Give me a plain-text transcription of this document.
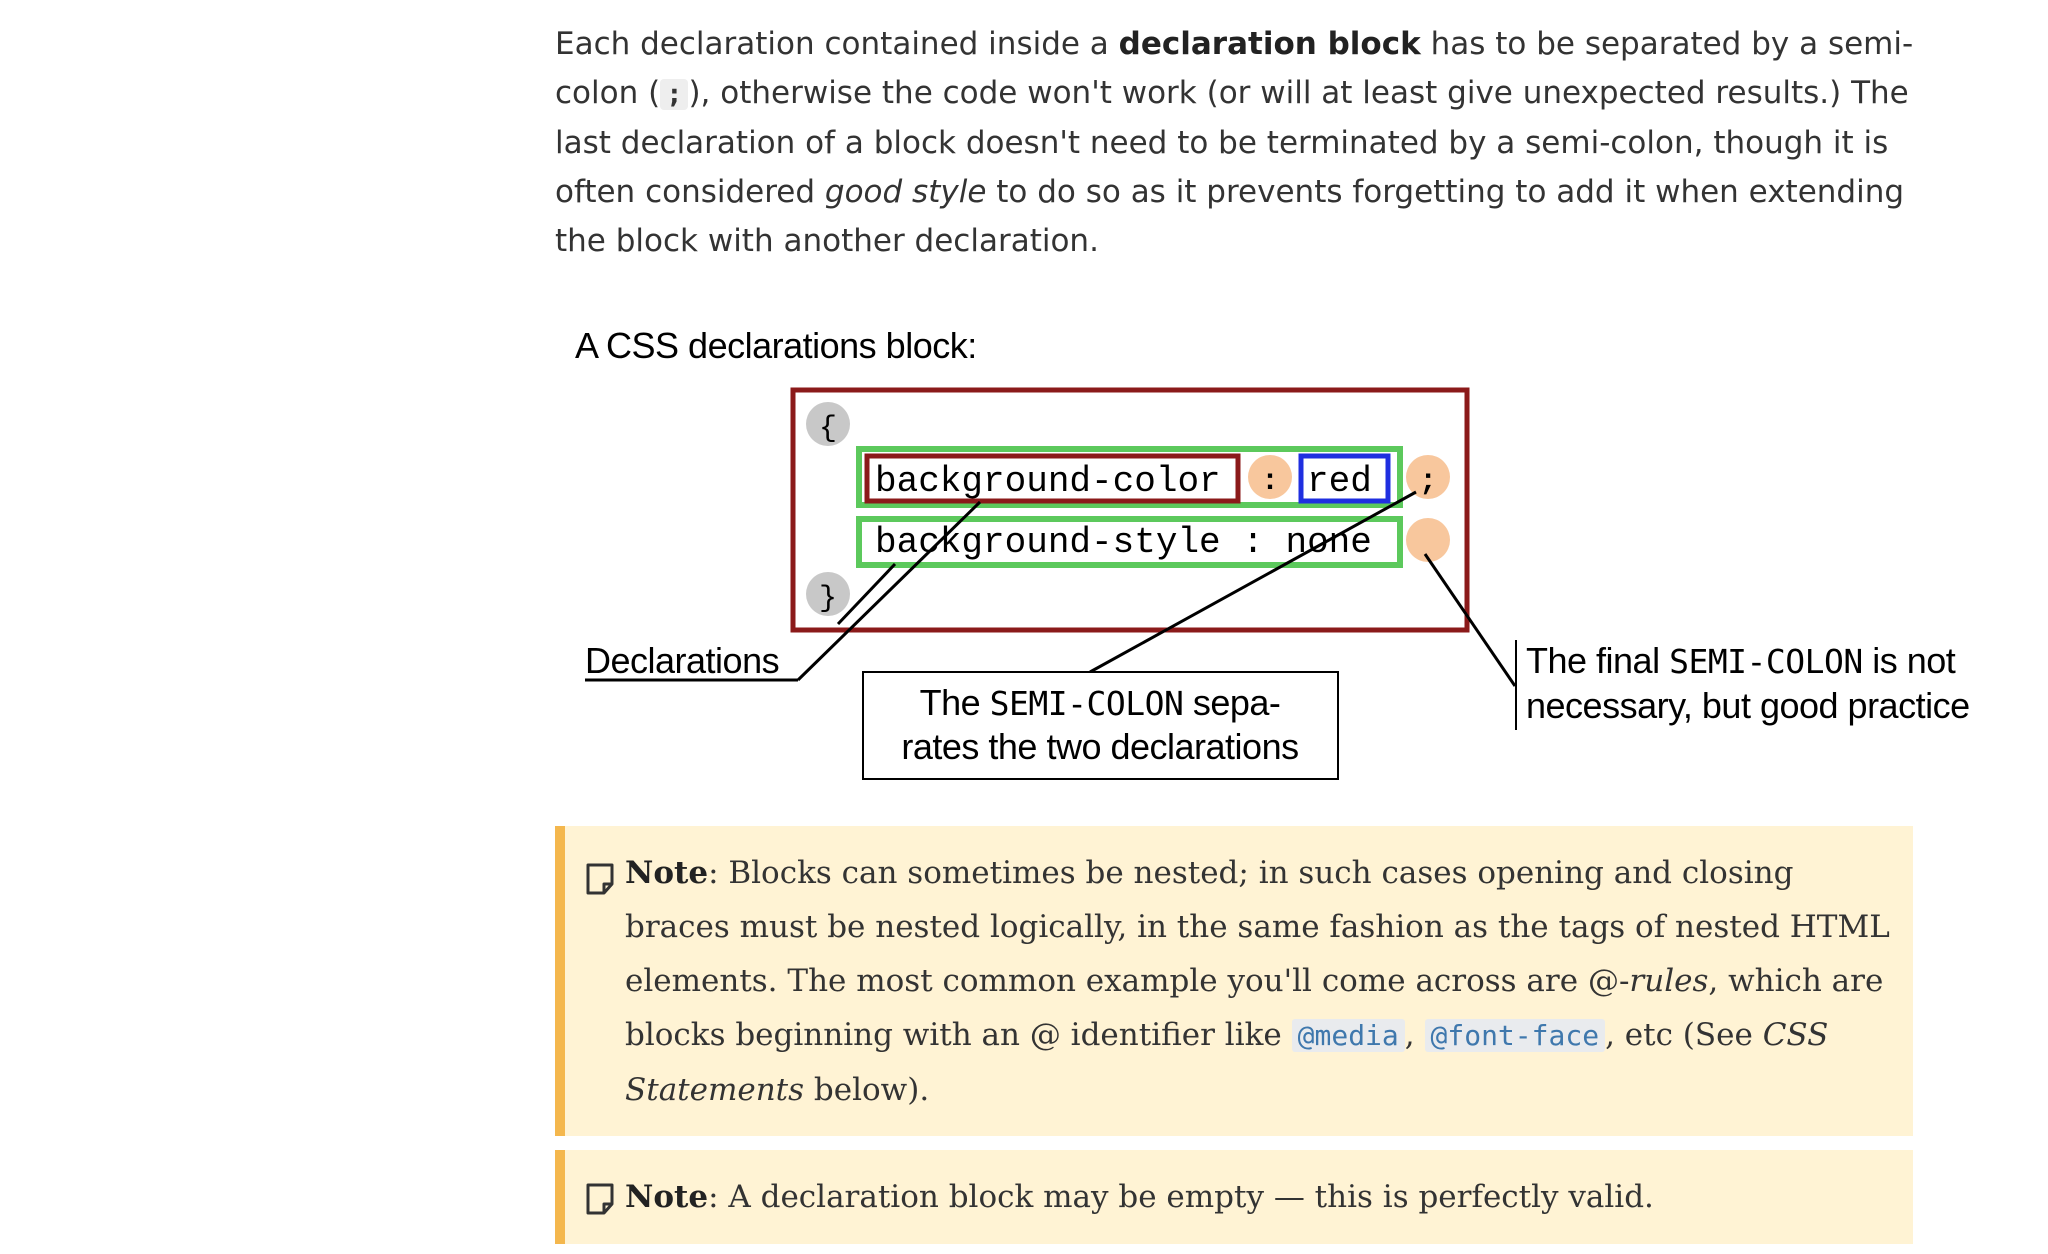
Each declaration contained inside a declaration block has to be separated by a semi-colon ( ; ), otherwise the code won't work (or will at least give unexpected results.) The last declaration of a block doesn't need to be terminated by a semi-colon, though it is often considered good style to do so as it prevents forgetting to add it when extending the block with another declaration.

A CSS declarations block:
{
}
background-color : red ;
background-style : none
Declarations
The SEMI-COLON sepa-
rates the two declarations
The final SEMI-COLON is not
necessary, but good practice
Note: Blocks can sometimes be nested; in such cases opening and closing braces must be nested logically, in the same fashion as the tags of nested HTML elements. The most common example you'll come across are @-rules, which are blocks beginning with an @ identifier like @media , @font-face , etc (See CSS Statements below).
Note: A declaration block may be empty — this is perfectly valid.
